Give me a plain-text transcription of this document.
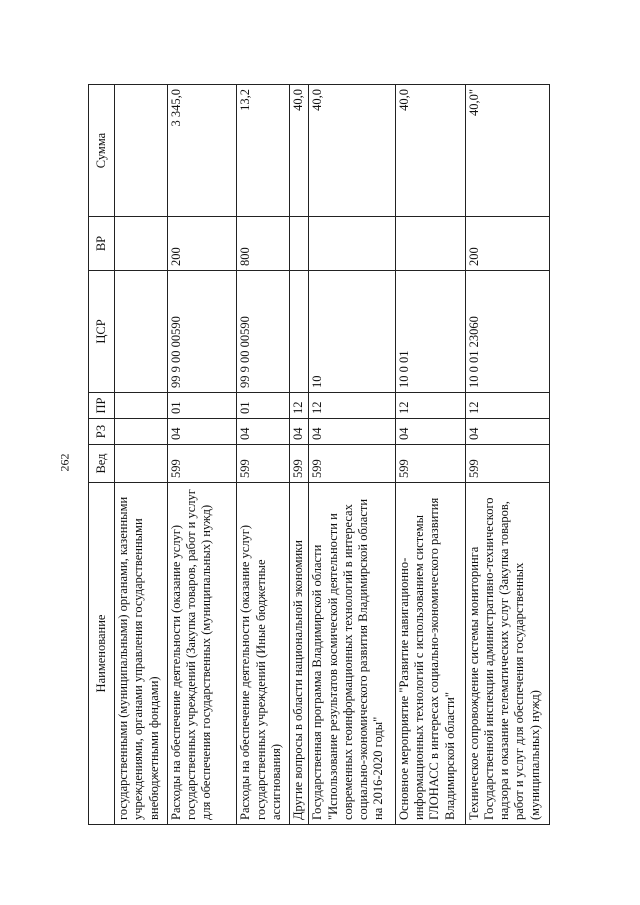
262
Наименование	Вед	РЗ	ПР	ЦСР	ВР	Сумма
государственными (муниципальными) органами, казенными учреждениями, органами управления государственными внебюджетными фондами)						
Расходы на обеспечение деятельности (оказание услуг) государственных учреждений (Закупка товаров, работ и услуг для обеспечения государственных (муниципальных) нужд)	599	04	01	99 9 00 00590	200	3 345,0
Расходы на обеспечение деятельности (оказание услуг) государственных учреждений (Иные бюджетные ассигнования)	599	04	01	99 9 00 00590	800	13,2
Другие вопросы в области национальной экономики	599	04	12			40,0
Государственная программа Владимирской области "Использование результатов космической деятельности и современных геоинформационных технологий в интересах социально-экономического развития Владимирской области на 2016-2020 годы"	599	04	12	10		40,0
Основное мероприятие "Развитие навигационно-информационных технологий с использованием системы ГЛОНАСС в интересах социально-экономического развития Владимирской области"	599	04	12	10 0 01		40,0
Техническое сопровождение системы мониторинга Государственной инспекции административно-технического надзора и оказание телематических услуг (Закупка товаров, работ и услуг для обеспечения государственных (муниципальных) нужд)	599	04	12	10 0 01 23060	200	40,0"
